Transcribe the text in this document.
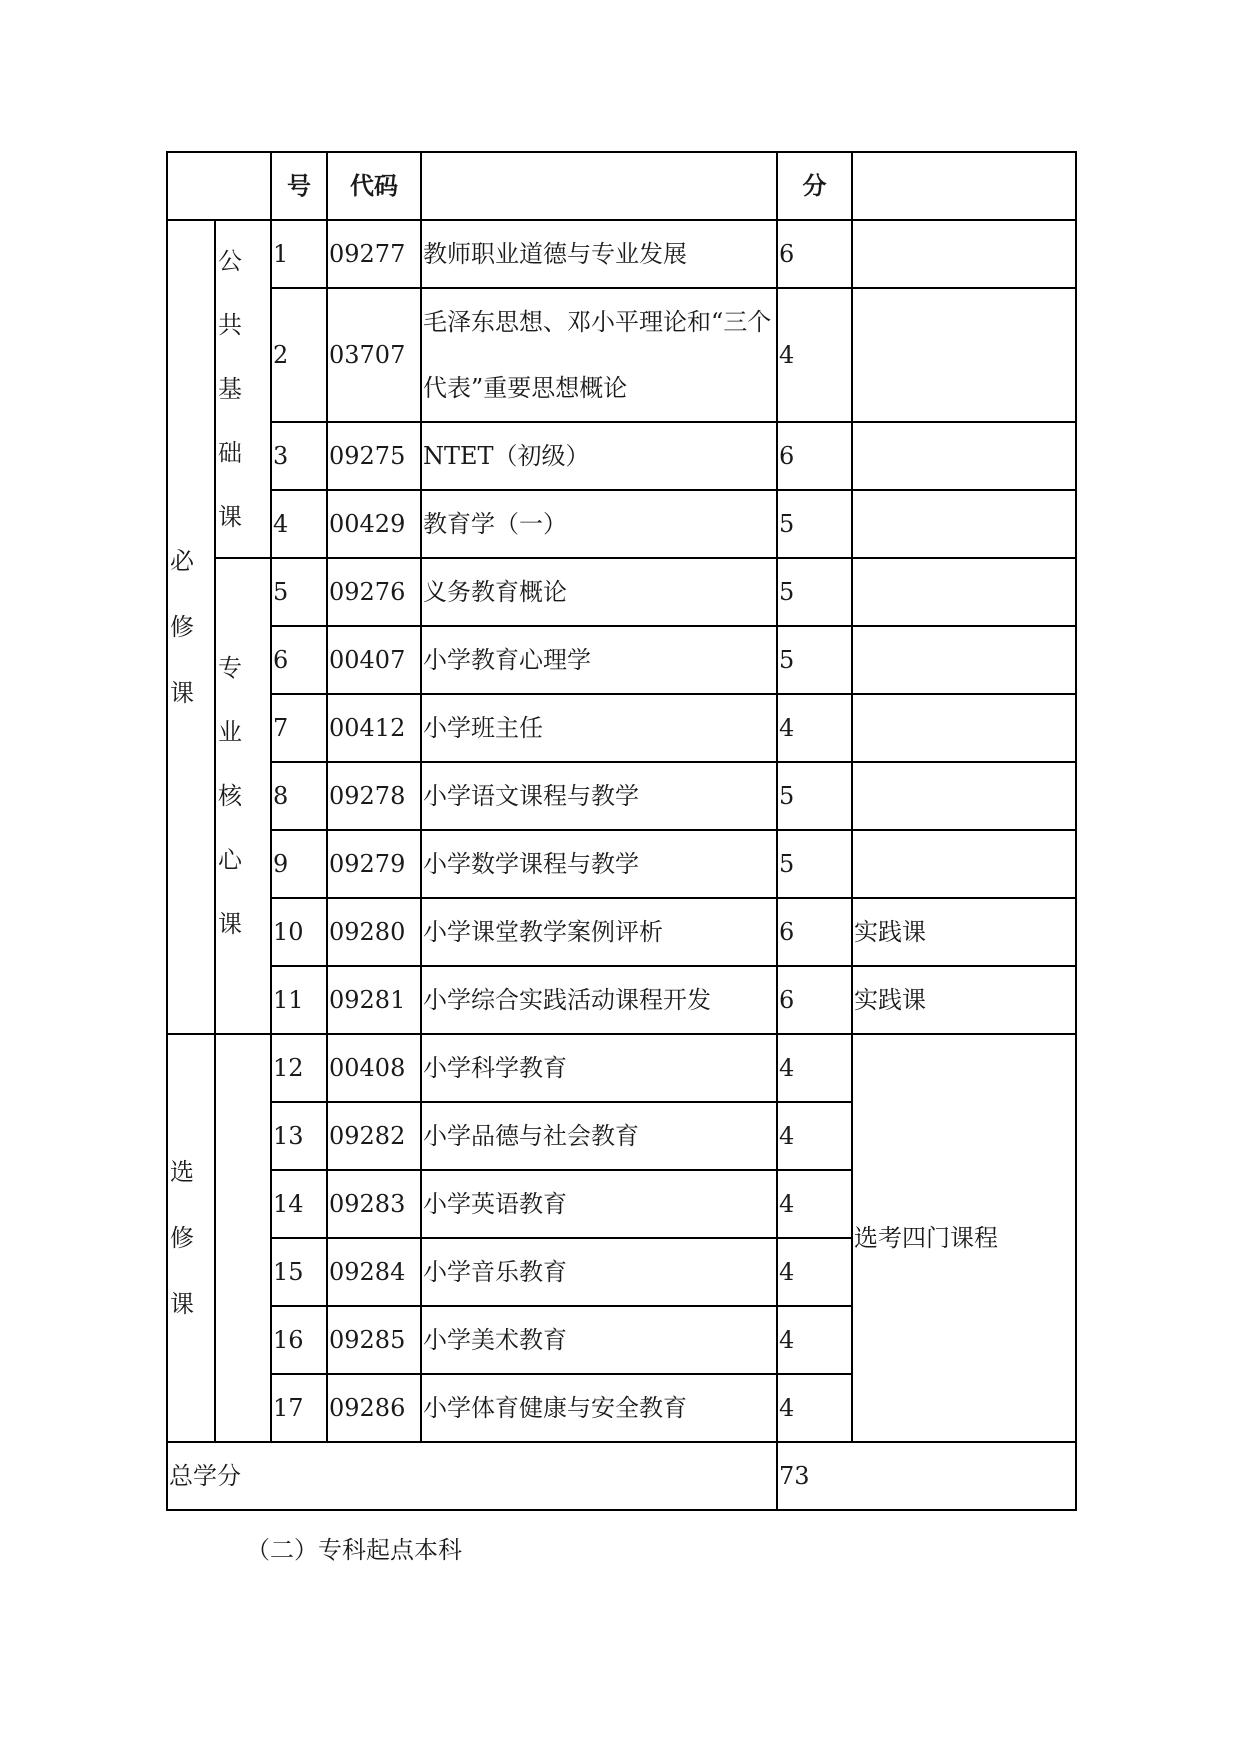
		号	代码		分	
必修课	公共基础课	1	09277	教师职业道德与专业发展	6	
		2	03707	毛泽东思想、邓小平理论和“三个代表”重要思想概论	4	
		3	09275	NTET（初级）	6	
		4	00429	教育学（一）	5	
	专业核心课	5	09276	义务教育概论	5	
		6	00407	小学教育心理学	5	
		7	00412	小学班主任	4	
		8	09278	小学语文课程与教学	5	
		9	09279	小学数学课程与教学	5	
		10	09280	小学课堂教学案例评析	6	实践课
		11	09281	小学综合实践活动课程开发	6	实践课
选修课		12	00408	小学科学教育	4	选考四门课程
		13	09282	小学品德与社会教育	4	
		14	09283	小学英语教育	4	
		15	09284	小学音乐教育	4	
		16	09285	小学美术教育	4	
		17	09286	小学体育健康与安全教育	4	
总学分					73	
（二）专科起点本科
